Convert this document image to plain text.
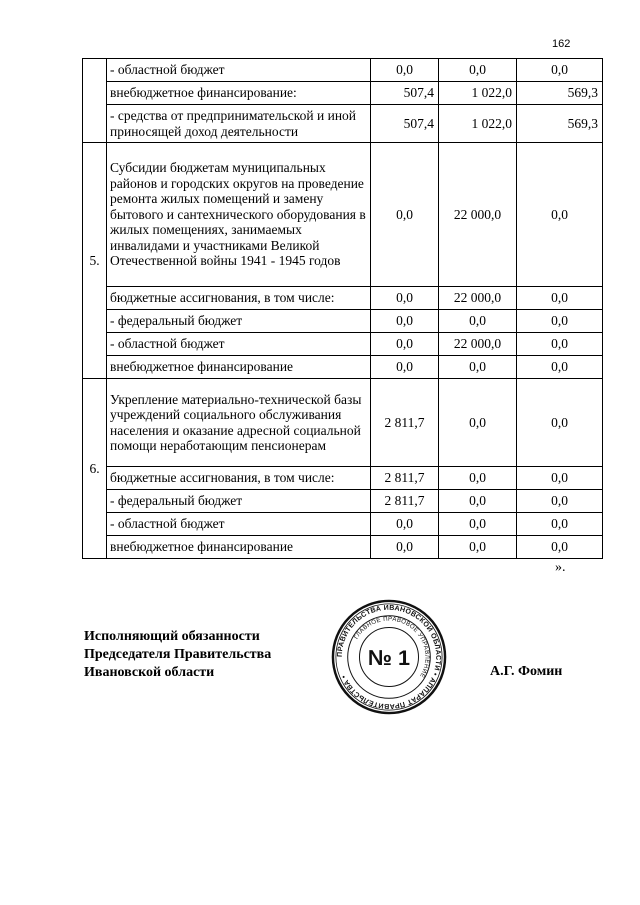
162
	- областной бюджет	0,0	0,0	0,0
	внебюджетное финансирование:	507,4	1 022,0	569,3
	- средства от предпринимательской и иной приносящей доход деятельности	507,4	1 022,0	569,3
5.	Субсидии бюджетам муниципальных районов и городских округов на проведение ремонта жилых помещений и замену бытового и сантехнического оборудования в жилых помещениях, занимаемых инвалидами и участниками Великой Отечественной войны 1941 - 1945 годов	0,0	22 000,0	0,0
	бюджетные ассигнования, в том числе:	0,0	22 000,0	0,0
	- федеральный бюджет	0,0	0,0	0,0
	- областной бюджет	0,0	22 000,0	0,0
	внебюджетное финансирование	0,0	0,0	0,0
6.	Укрепление материально-технической базы учреждений социального обслуживания населения и оказание адресной социальной помощи неработающим пенсионерам	2 811,7	0,0	0,0
	бюджетные ассигнования, в том числе:	2 811,7	0,0	0,0
	- федеральный бюджет	2 811,7	0,0	0,0
	- областной бюджет	0,0	0,0	0,0
	внебюджетное финансирование	0,0	0,0	0,0
».
Исполняющий обязанности
Председателя Правительства
Ивановской области	А.Г. Фомин
ПРАВИТЕЛЬСТВА ИВАНОВСКОЙ ОБЛАСТИ • АППАРАТ ПРАВИТЕЛЬСТВА •
ГЛАВНОЕ ПРАВОВОЕ УПРАВЛЕНИЕ
№ 1
